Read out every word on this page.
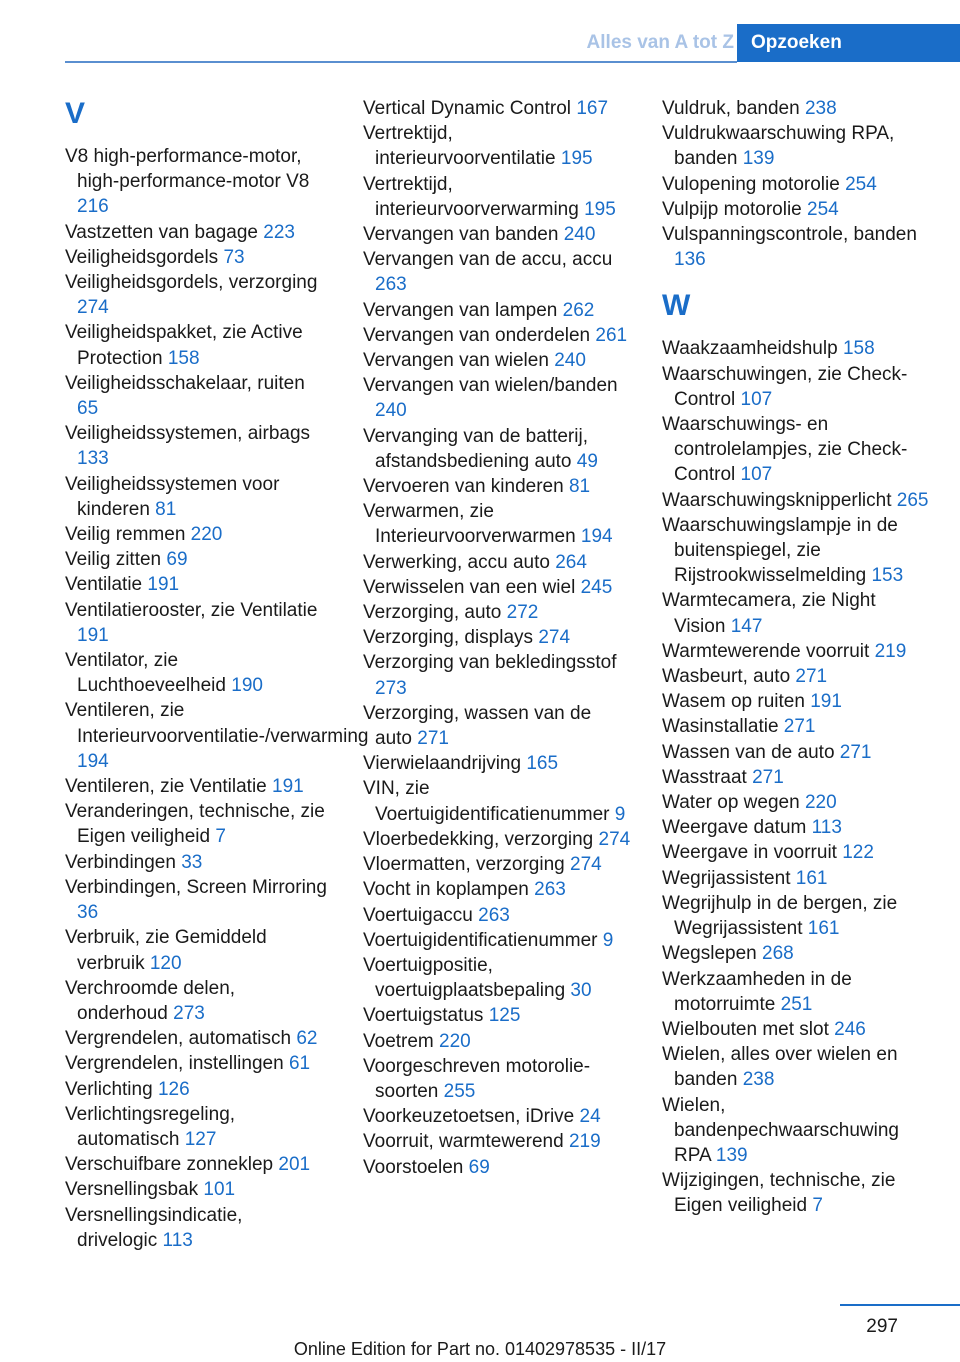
Alles van A tot Z Opzoeken
V
V8 high-performance-motor, high-performance-motor V8 216
Vastzetten van bagage 223
Veiligheidsgordels 73
Veiligheidsgordels, verzorging 274
Veiligheidspakket, zie Active Protection 158
Veiligheidsschakelaar, ruiten 65
Veiligheidssystemen, airbags 133
Veiligheidssystemen voor kinderen 81
Veilig remmen 220
Veilig zitten 69
Ventilatie 191
Ventilatierooster, zie Ventilatie 191
Ventilator, zie Luchthoeveelheid 190
Ventileren, zie Interieurvoorventilatie-/verwarming 194
Ventileren, zie Ventilatie 191
Veranderingen, technische, zie Eigen veiligheid 7
Verbindingen 33
Verbindingen, Screen Mirroring 36
Verbruik, zie Gemiddeld verbruik 120
Verchroomde delen, onderhoud 273
Vergrendelen, automatisch 62
Vergrendelen, instellingen 61
Verlichting 126
Verlichtingsregeling, automatisch 127
Verschuifbare zonneklep 201
Versnellingsbak 101
Versnellingsindicatie, drivelogic 113
Vertical Dynamic Control 167
Vertrektijd, interieurvoorventilatie 195
Vertrektijd, interieurvoorverwarming 195
Vervangen van banden 240
Vervangen van de accu, accu 263
Vervangen van lampen 262
Vervangen van onderdelen 261
Vervangen van wielen 240
Vervangen van wielen/banden 240
Vervanging van de batterij, afstandsbediening auto 49
Vervoeren van kinderen 81
Verwarmen, zie Interieurvoorverwarmen 194
Verwerking, accu auto 264
Verwisselen van een wiel 245
Verzorging, auto 272
Verzorging, displays 274
Verzorging van bekledingsstof 273
Verzorging, wassen van de auto 271
Vierwielaandrijving 165
VIN, zie Voertuigidentificatienummer 9
Vloerbedekking, verzorging 274
Vloermatten, verzorging 274
Vocht in koplampen 263
Voertuigaccu 263
Voertuigidentificatienummer 9
Voertuigpositie, voertuigplaatsbepaling 30
Voertuigstatus 125
Voetrem 220
Voorgeschreven motorolie-soorten 255
Voorkeuzetoetsen, iDrive 24
Voorruit, warmtewerend 219
Voorstoelen 69
Vuldruk, banden 238
Vuldrukwaarschuwing RPA, banden 139
Vulopening motorolie 254
Vulpijp motorolie 254
Vulspanningscontrole, banden 136
W
Waakzaamheidshulp 158
Waarschuwingen, zie Check-Control 107
Waarschuwings- en controlelampjes, zie Check-Control 107
Waarschuwingsknipperlicht 265
Waarschuwingslampje in de buitenspiegel, zie Rijstrookwisselmelding 153
Warmtecamera, zie Night Vision 147
Warmtewerende voorruit 219
Wasbeurt, auto 271
Wasem op ruiten 191
Wasinstallatie 271
Wassen van de auto 271
Wasstraat 271
Water op wegen 220
Weergave datum 113
Weergave in voorruit 122
Wegrijassistent 161
Wegrijhulp in de bergen, zie Wegrijassistent 161
Wegslepen 268
Werkzaamheden in de motorruimte 251
Wielbouten met slot 246
Wielen, alles over wielen en banden 238
Wielen, bandenpechwaarschuwing RPA 139
Wijzigingen, technische, zie Eigen veiligheid 7
297
Online Edition for Part no. 01402978535 - II/17
